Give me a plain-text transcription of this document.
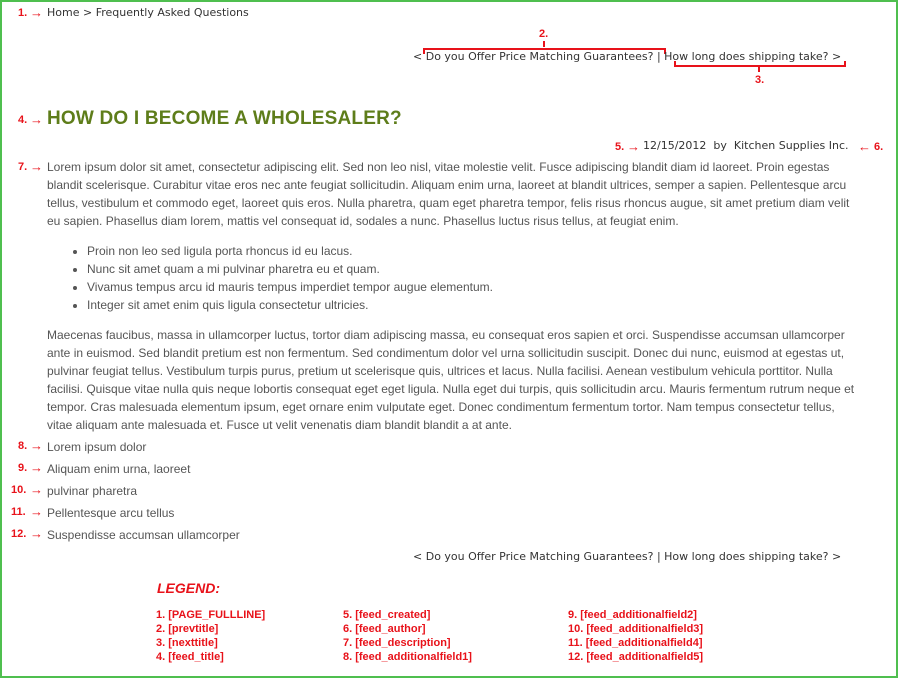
1. → Home > Frequently Asked Questions
2.
< Do you Offer Price Matching Guarantees? | How long does shipping take? >
3.
4. → HOW DO I BECOME A WHOLESALER?
5. → 12/15/2012 by Kitchen Supplies Inc. ← 6.
7. → Lorem ipsum dolor sit amet, consectetur adipiscing elit. Sed non leo nisl, vitae molestie velit. Fusce adipiscing blandit diam id laoreet. Proin egestas blandit scelerisque. Curabitur vitae eros nec ante feugiat sollicitudin. Aliquam enim urna, laoreet at blandit ultrices, semper a sapien. Pellentesque arcu tellus, vestibulum et commodo eget, laoreet quis eros. Nulla pharetra, quam eget pharetra tempor, felis risus rhoncus augue, sit amet pretium diam velit eu sapien. Phasellus diam lorem, mattis vel consequat id, sodales a nunc. Phasellus luctus risus tellus, at feugiat enim.

• Proin non leo sed ligula porta rhoncus id eu lacus.
• Nunc sit amet quam a mi pulvinar pharetra eu et quam.
• Vivamus tempus arcu id mauris tempus imperdiet tempor augue elementum.
• Integer sit amet enim quis ligula consectetur ultricies.

Maecenas faucibus, massa in ullamcorper luctus, tortor diam adipiscing massa, eu consequat eros sapien et orci. Suspendisse accumsan ullamcorper ante in euismod. Sed blandit pretium est non fermentum. Sed condimentum dolor vel urna sollicitudin suscipit. Donec dui nunc, euismod at egestas ut, pulvinar feugiat tellus. Vestibulum turpis purus, pretium ut scelerisque quis, ultrices et lacus. Nulla facilisi. Aenean vestibulum vehicula porttitor. Nulla facilisi. Quisque vitae nulla quis neque lobortis consequat eget eget ligula. Nulla eget dui turpis, quis sollicitudin arcu. Mauris fermentum rutrum neque et tempor. Cras malesuada elementum ipsum, eget ornare enim vulputate eget. Donec condimentum fermentum tortor. Nam tempus consectetur tellus, vitae aliquam ante malesuada et. Fusce ut velit venenatis diam blandit blandit a at ante.

8. → Lorem ipsum dolor
9. → Aliquam enim urna, laoreet
10. → pulvinar pharetra
11. → Pellentesque arcu tellus
12. → Suspendisse accumsan ullamcorper
< Do you Offer Price Matching Guarantees? | How long does shipping take? >
LEGEND:
1. [PAGE_FULLLINE]
2. [prevtitle]
3. [nexttitle]
4. [feed_title]
5. [feed_created]
6. [feed_author]
7. [feed_description]
8. [feed_additionalfield1]
9. [feed_additionalfield2]
10. [feed_additionalfield3]
11. [feed_additionalfield4]
12. [feed_additionalfield5]
